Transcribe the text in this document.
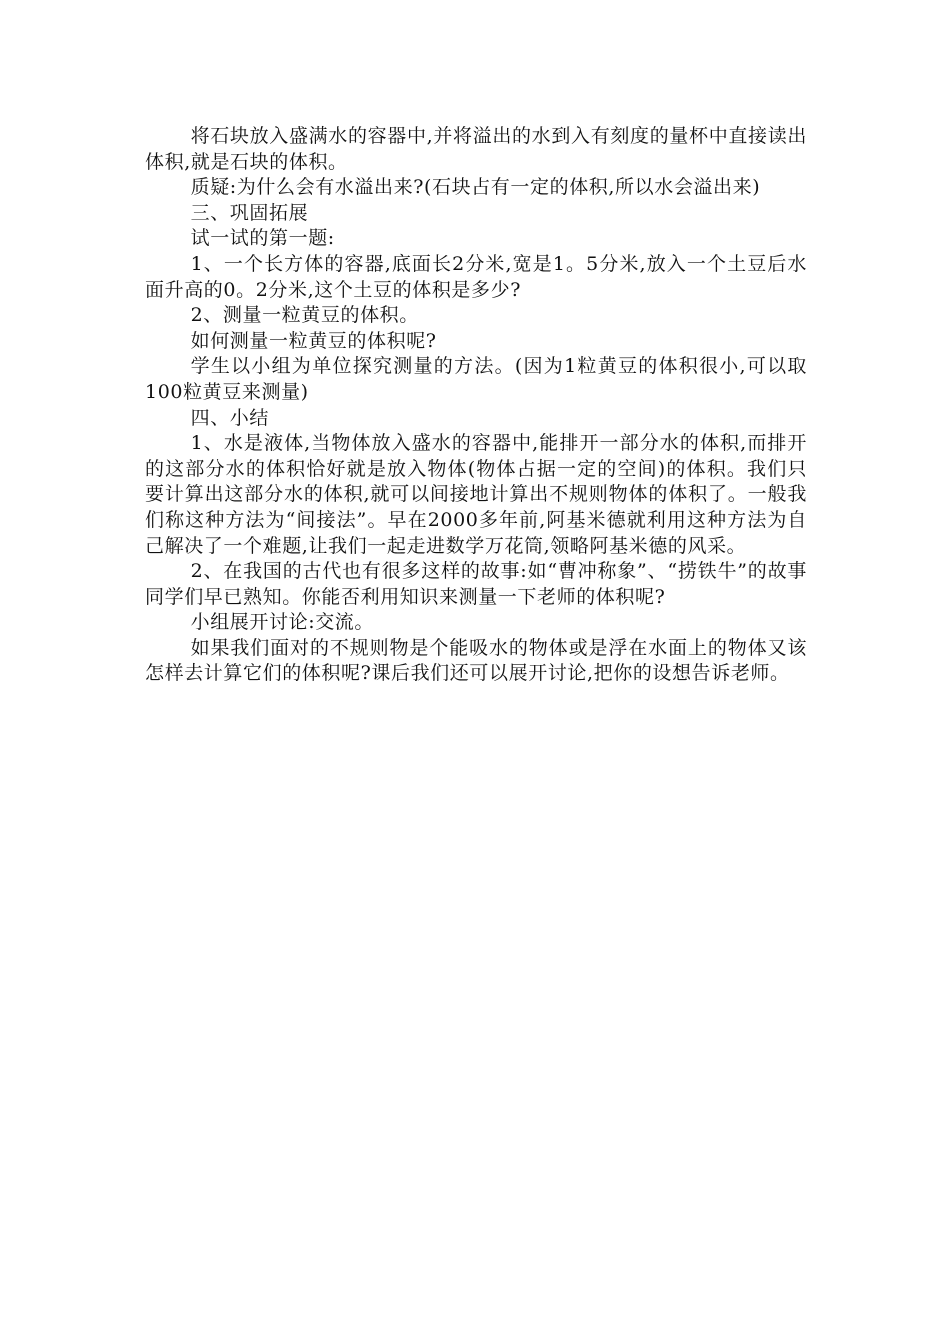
将石块放入盛满水的容器中,并将溢出的水到入有刻度的量杯中直接读出体积,就是石块的体积。

质疑:为什么会有水溢出来?(石块占有一定的体积,所以水会溢出来)

三、巩固拓展

试一试的第一题:

1、一个长方体的容器,底面长2分米,宽是1。5分米,放入一个土豆后水面升高的0。2分米,这个土豆的体积是多少?

2、测量一粒黄豆的体积。

如何测量一粒黄豆的体积呢?

学生以小组为单位探究测量的方法。(因为1粒黄豆的体积很小,可以取100粒黄豆来测量)

四、小结

1、水是液体,当物体放入盛水的容器中,能排开一部分水的体积,而排开的这部分水的体积恰好就是放入物体(物体占据一定的空间)的体积。我们只要计算出这部分水的体积,就可以间接地计算出不规则物体的体积了。一般我们称这种方法为“间接法”。早在2000多年前,阿基米德就利用这种方法为自己解决了一个难题,让我们一起走进数学万花筒,领略阿基米德的风采。

2、在我国的古代也有很多这样的故事:如“曹冲称象”、“捞铁牛”的故事同学们早已熟知。你能否利用知识来测量一下老师的体积呢?

小组展开讨论:交流。

如果我们面对的不规则物是个能吸水的物体或是浮在水面上的物体又该怎样去计算它们的体积呢?课后我们还可以展开讨论,把你的设想告诉老师。
